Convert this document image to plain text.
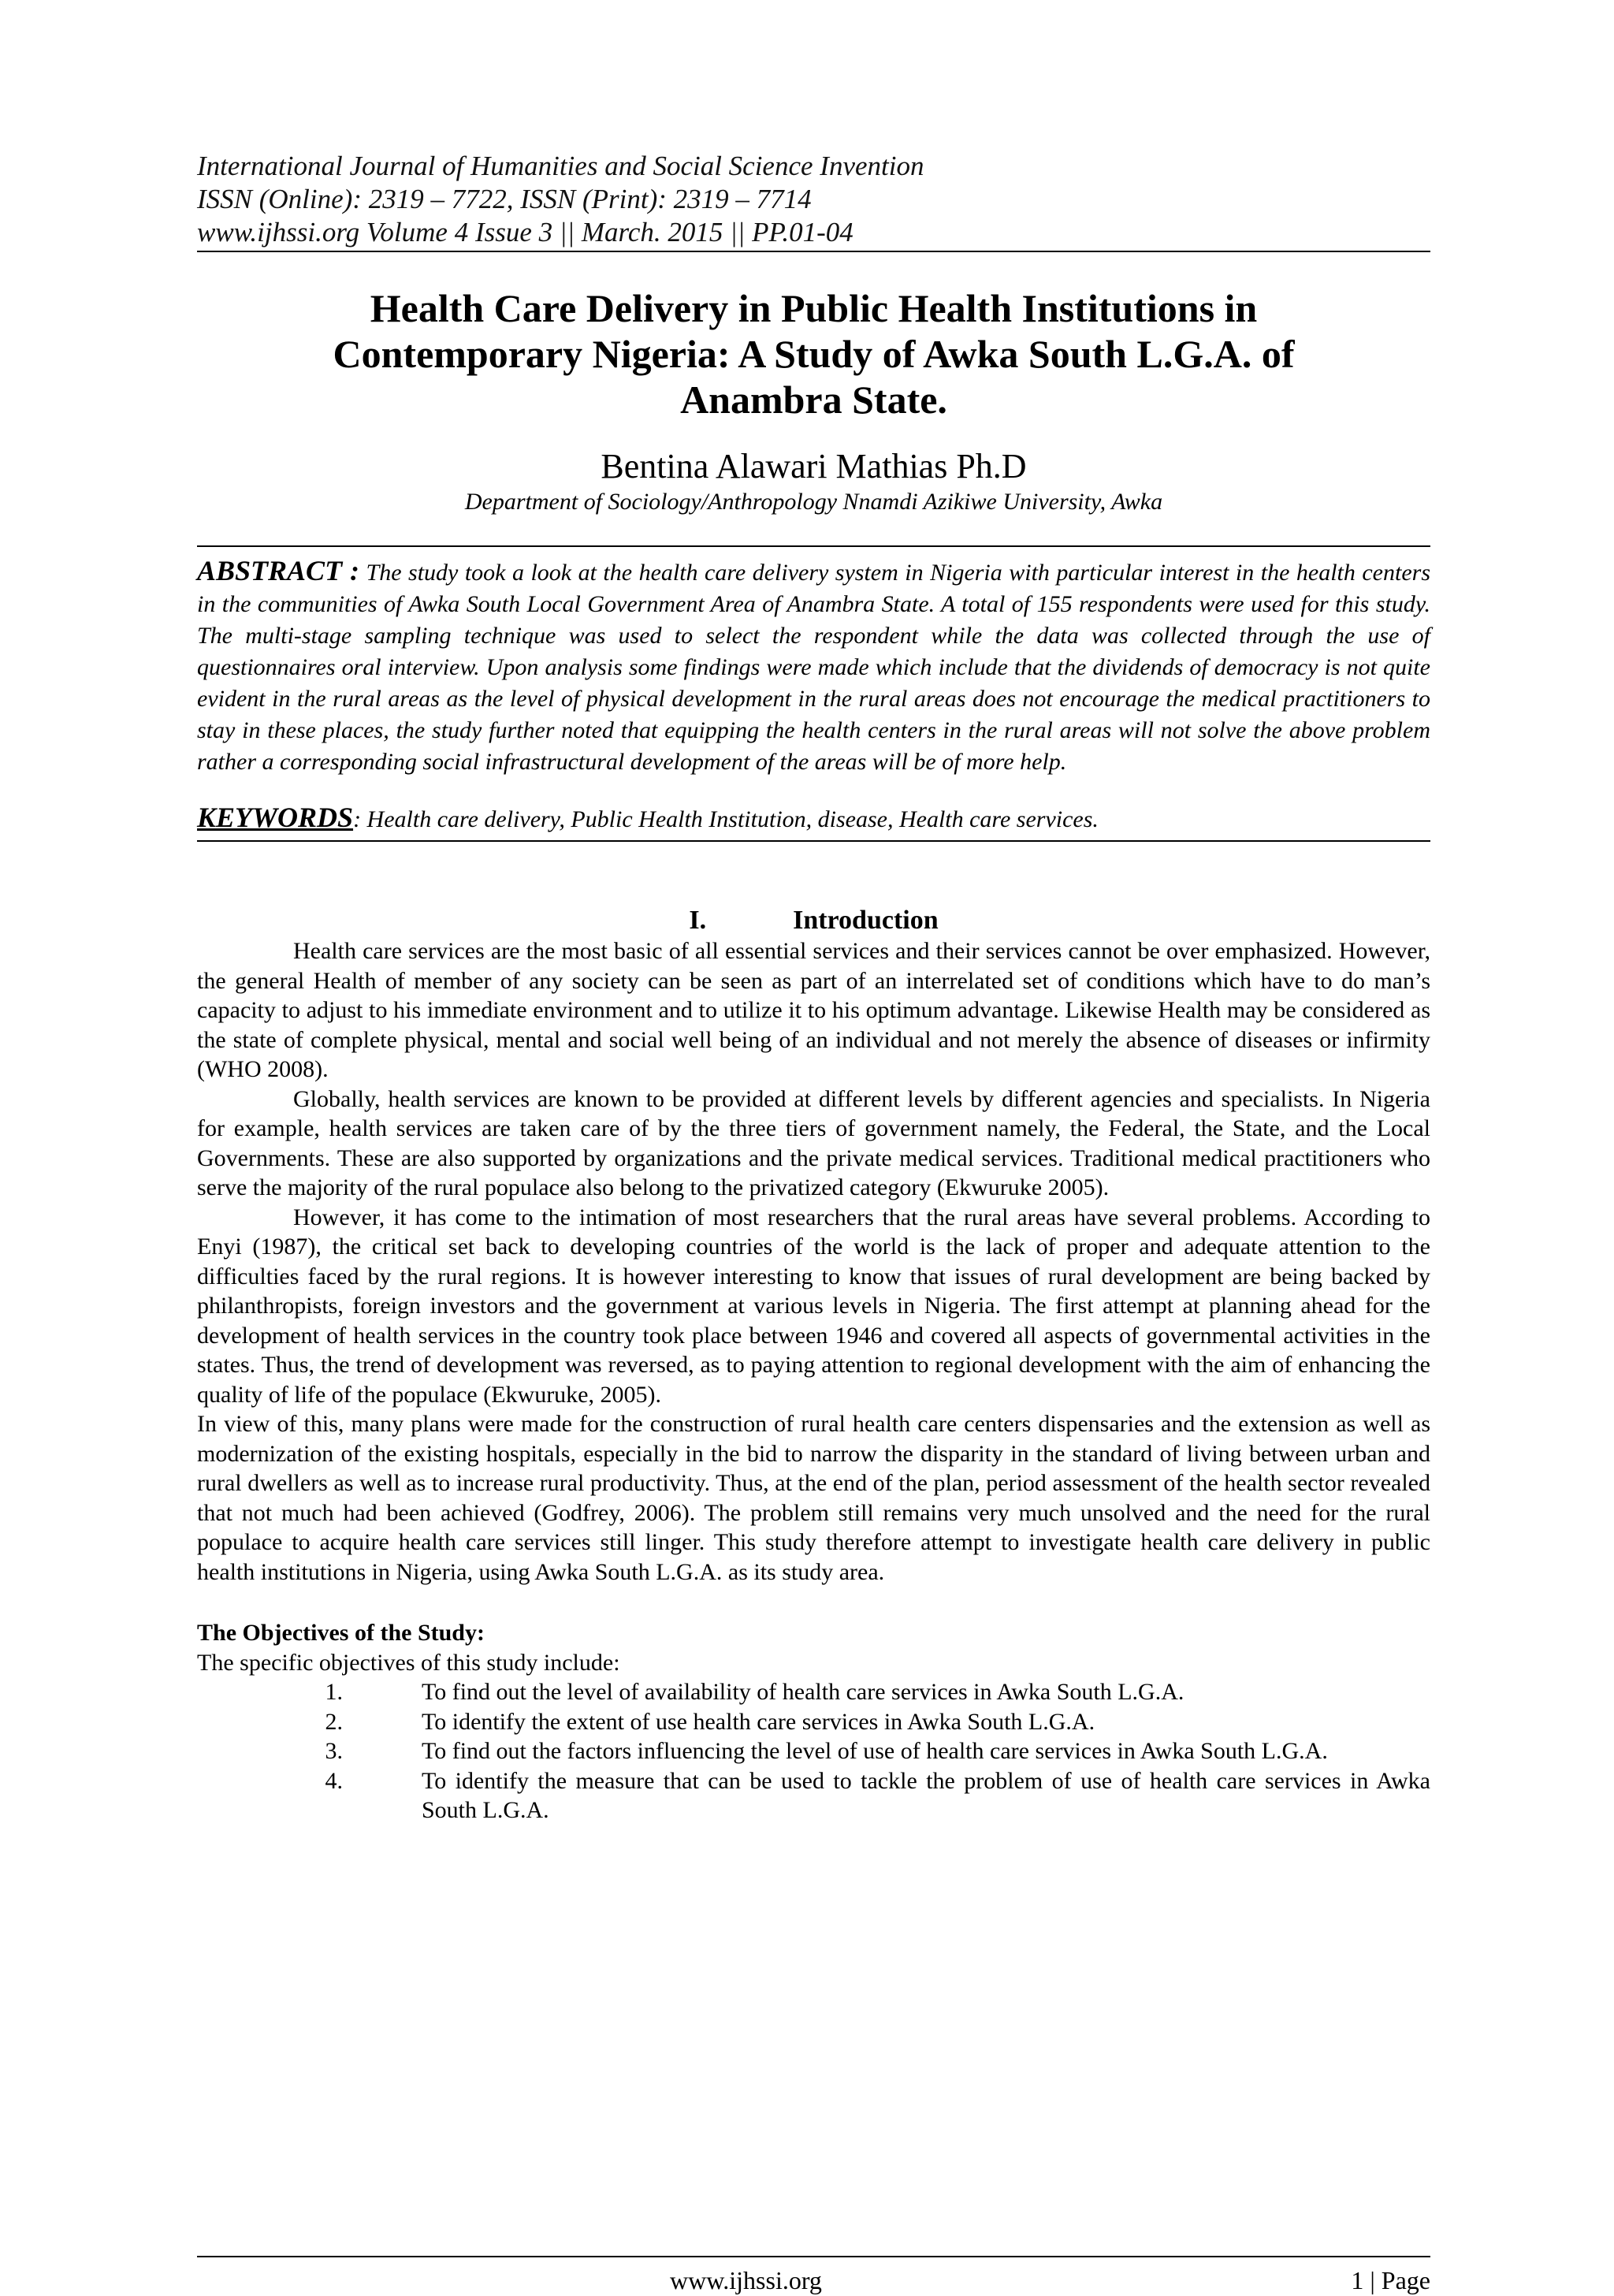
International Journal of Humanities and Social Science Invention
ISSN (Online): 2319 – 7722, ISSN (Print): 2319 – 7714
www.ijhssi.org Volume 4 Issue 3 || March. 2015 || PP.01-04
Health Care Delivery in Public Health Institutions in
Contemporary Nigeria: A Study of Awka South L.G.A. of
Anambra State.
Bentina Alawari Mathias Ph.D
Department of Sociology/Anthropology Nnamdi Azikiwe University, Awka
ABSTRACT : The study took a look at the health care delivery system in Nigeria with particular interest in the health centers in the communities of Awka South Local Government Area of Anambra State. A total of 155 respondents were used for this study. The multi-stage sampling technique was used to select the respondent while the data was collected through the use of questionnaires oral interview. Upon analysis some findings were made which include that the dividends of democracy is not quite evident in the rural areas as the level of physical development in the rural areas does not encourage the medical practitioners to stay in these places, the study further noted that equipping the health centers in the rural areas will not solve the above problem rather a corresponding social infrastructural development of the areas will be of more help.
KEYWORDS: Health care delivery, Public Health Institution, disease, Health care services.
I.	Introduction

Health care services are the most basic of all essential services and their services cannot be over emphasized. However, the general Health of member of any society can be seen as part of an interrelated set of conditions which have to do man’s capacity to adjust to his immediate environment and to utilize it to his optimum advantage. Likewise Health may be considered as the state of complete physical, mental and social well being of an individual and not merely the absence of diseases or infirmity (WHO 2008).

Globally, health services are known to be provided at different levels by different agencies and specialists. In Nigeria for example, health services are taken care of by the three tiers of government namely, the Federal, the State, and the Local Governments. These are also supported by organizations and the private medical services. Traditional medical practitioners who serve the majority of the rural populace also belong to the privatized category (Ekwuruke 2005).

However, it has come to the intimation of most researchers that the rural areas have several problems. According to Enyi (1987), the critical set back to developing countries of the world is the lack of proper and adequate attention to the difficulties faced by the rural regions. It is however interesting to know that issues of rural development are being backed by philanthropists, foreign investors and the government at various levels in Nigeria. The first attempt at planning ahead for the development of health services in the country took place between 1946 and covered all aspects of governmental activities in the states. Thus, the trend of development was reversed, as to paying attention to regional development with the aim of enhancing the quality of life of the populace (Ekwuruke, 2005).

In view of this, many plans were made for the construction of rural health care centers dispensaries and the extension as well as modernization of the existing hospitals, especially in the bid to narrow the disparity in the standard of living between urban and rural dwellers as well as to increase rural productivity. Thus, at the end of the plan, period assessment of the health sector revealed that not much had been achieved (Godfrey, 2006). The problem still remains very much unsolved and the need for the rural populace to acquire health care services still linger. This study therefore attempt to investigate health care delivery in public health institutions in Nigeria, using Awka South L.G.A. as its study area.

The Objectives of the Study:
The specific objectives of this study include:
1.	To find out the level of availability of health care services in Awka South L.G.A.
2.	To identify the extent of use health care services in Awka South L.G.A.
3.	To find out the factors influencing the level of use of health care services in Awka South L.G.A.
4.	To identify the measure that can be used to tackle the problem of use of health care services in Awka South L.G.A.
www.ijhssi.org	1 | Page
